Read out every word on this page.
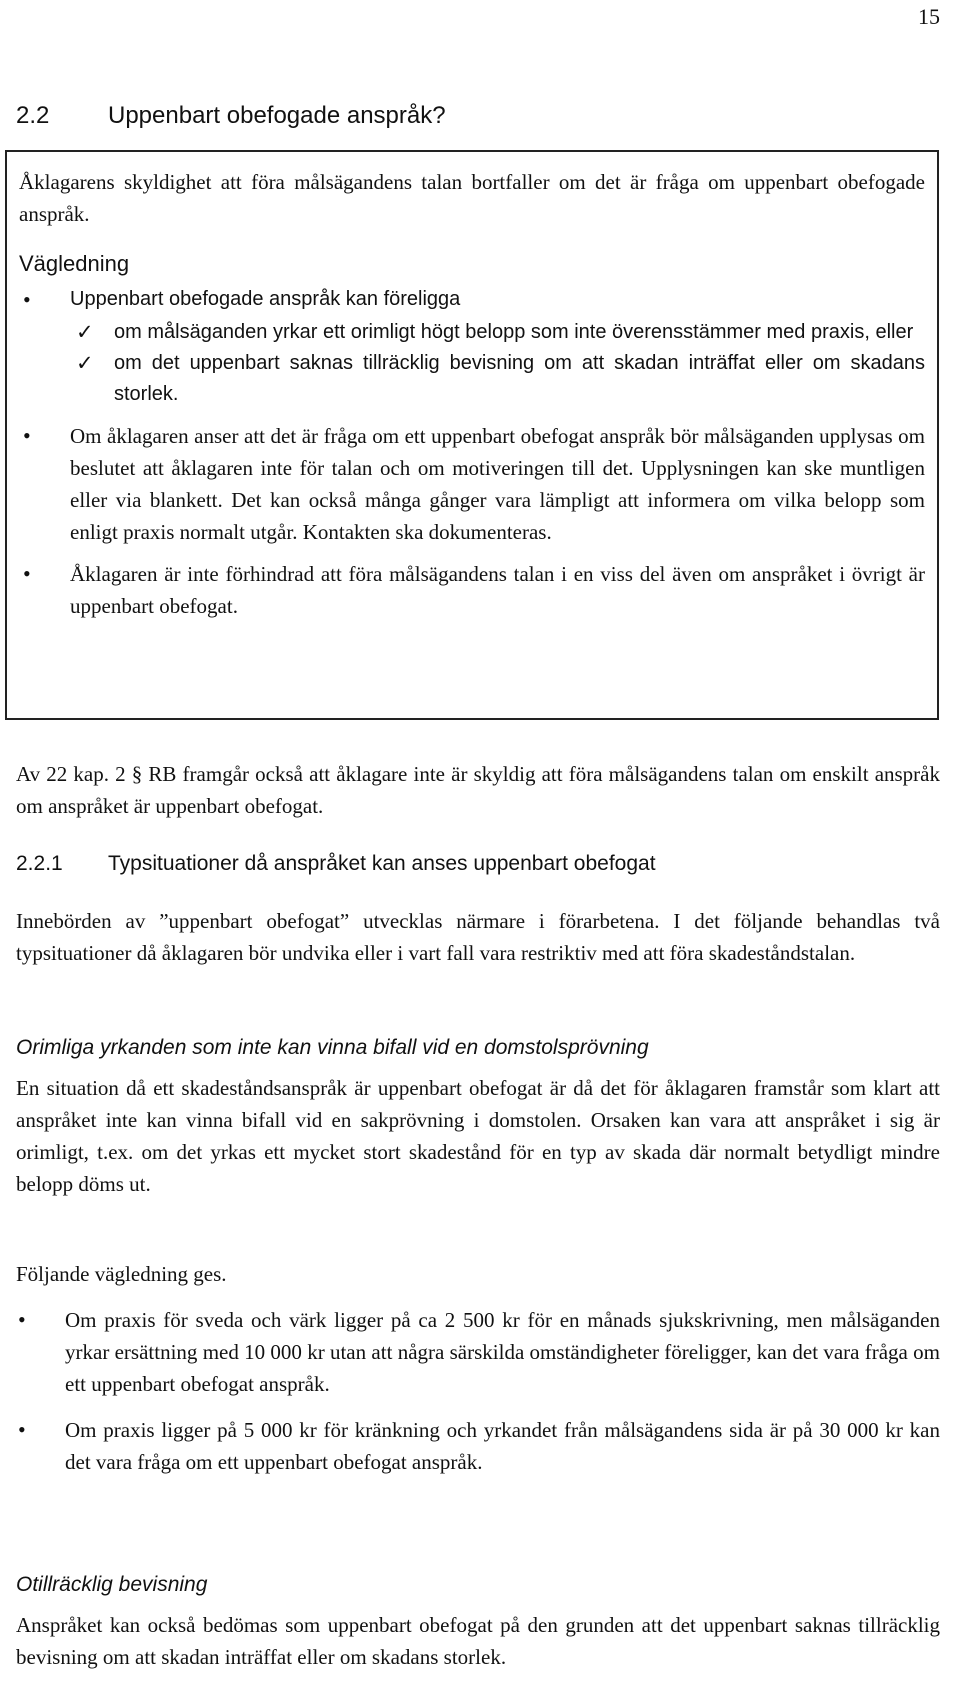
15
2.2 Uppenbart obefogade anspråk?

Åklagarens skyldighet att föra målsägandens talan bortfaller om det är fråga om uppenbart obefogade anspråk.

Vägledning

• Uppenbart obefogade anspråk kan föreligga
✓ om målsäganden yrkar ett orimligt högt belopp som inte överensstämmer med praxis, eller
✓ om det uppenbart saknas tillräcklig bevisning om att skadan inträffat eller om skadans storlek.
• Om åklagaren anser att det är fråga om ett uppenbart obefogat anspråk bör målsäganden upplysas om beslutet att åklagaren inte för talan och om motiveringen till det. Upplysningen kan ske muntligen eller via blankett. Det kan också många gånger vara lämpligt att informera om vilka belopp som enligt praxis normalt utgår. Kontakten ska dokumenteras.
• Åklagaren är inte förhindrad att föra målsägandens talan i en viss del även om anspråket i övrigt är uppenbart obefogat.

Av 22 kap. 2 § RB framgår också att åklagare inte är skyldig att föra målsägandens talan om enskilt anspråk om anspråket är uppenbart obefogat.

2.2.1 Typsituationer då anspråket kan anses uppenbart obefogat

Innebörden av ”uppenbart obefogat” utvecklas närmare i förarbetena. I det följande behandlas två typsituationer då åklagaren bör undvika eller i vart fall vara restriktiv med att föra skadeståndstalan.

Orimliga yrkanden som inte kan vinna bifall vid en domstolsprövning

En situation då ett skadeståndsanspråk är uppenbart obefogat är då det för åklagaren framstår som klart att anspråket inte kan vinna bifall vid en sakprövning i domstolen. Orsaken kan vara att anspråket i sig är orimligt, t.ex. om det yrkas ett mycket stort skadestånd för en typ av skada där normalt betydligt mindre belopp döms ut.

Följande vägledning ges.

• Om praxis för sveda och värk ligger på ca 2 500 kr för en månads sjukskrivning, men målsäganden yrkar ersättning med 10 000 kr utan att några särskilda omständigheter föreligger, kan det vara fråga om ett uppenbart obefogat anspråk.
• Om praxis ligger på 5 000 kr för kränkning och yrkandet från målsägandens sida är på 30 000 kr kan det vara fråga om ett uppenbart obefogat anspråk.

Otillräcklig bevisning

Anspråket kan också bedömas som uppenbart obefogat på den grunden att det uppenbart saknas tillräcklig bevisning om att skadan inträffat eller om skadans storlek.
